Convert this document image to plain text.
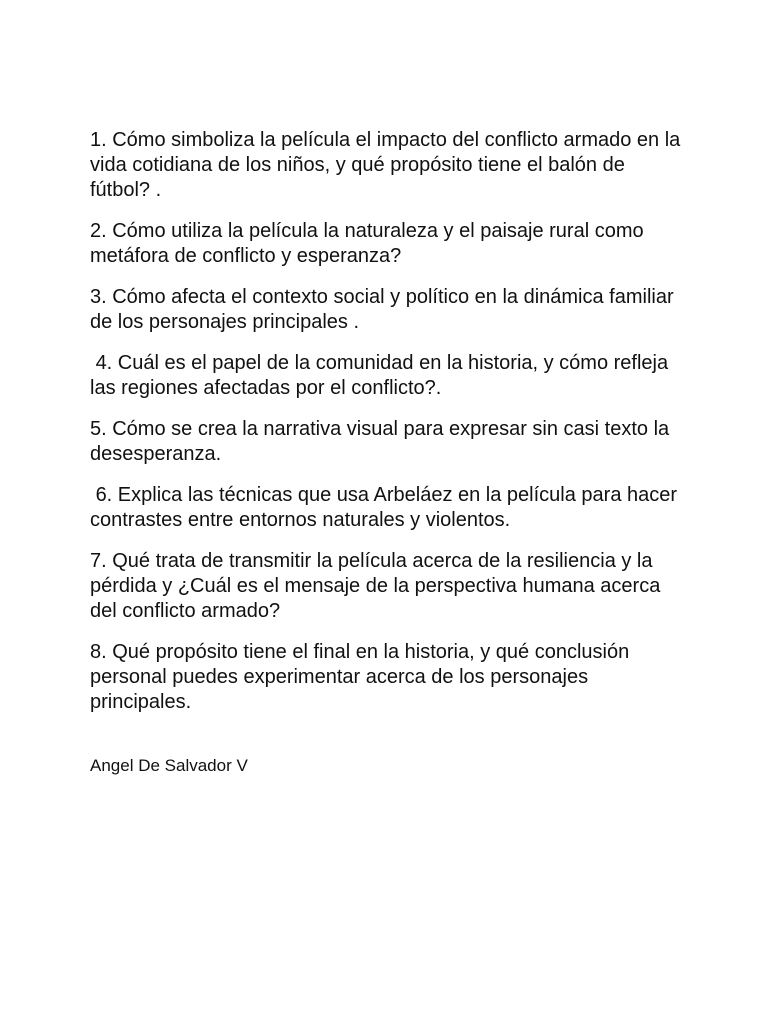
1. Cómo simboliza la película el impacto del conflicto armado en la vida cotidiana de los niños, y qué propósito tiene el balón de fútbol? .

2. Cómo utiliza la película la naturaleza y el paisaje rural como metáfora de conflicto y esperanza?

3. Cómo afecta el contexto social y político en la dinámica familiar de los personajes principales .

4. Cuál es el papel de la comunidad en la historia, y cómo refleja las regiones afectadas por el conflicto?.

5. Cómo se crea la narrativa visual para expresar sin casi texto la desesperanza.

6. Explica las técnicas que usa Arbeláez en la película para hacer contrastes entre entornos naturales y violentos.

7. Qué trata de transmitir la película acerca de la resiliencia y la pérdida y ¿Cuál es el mensaje de la perspectiva humana acerca del conflicto armado?

8. Qué propósito tiene el final en la historia, y qué conclusión personal puedes experimentar acerca de los personajes principales.

Angel De Salvador V
